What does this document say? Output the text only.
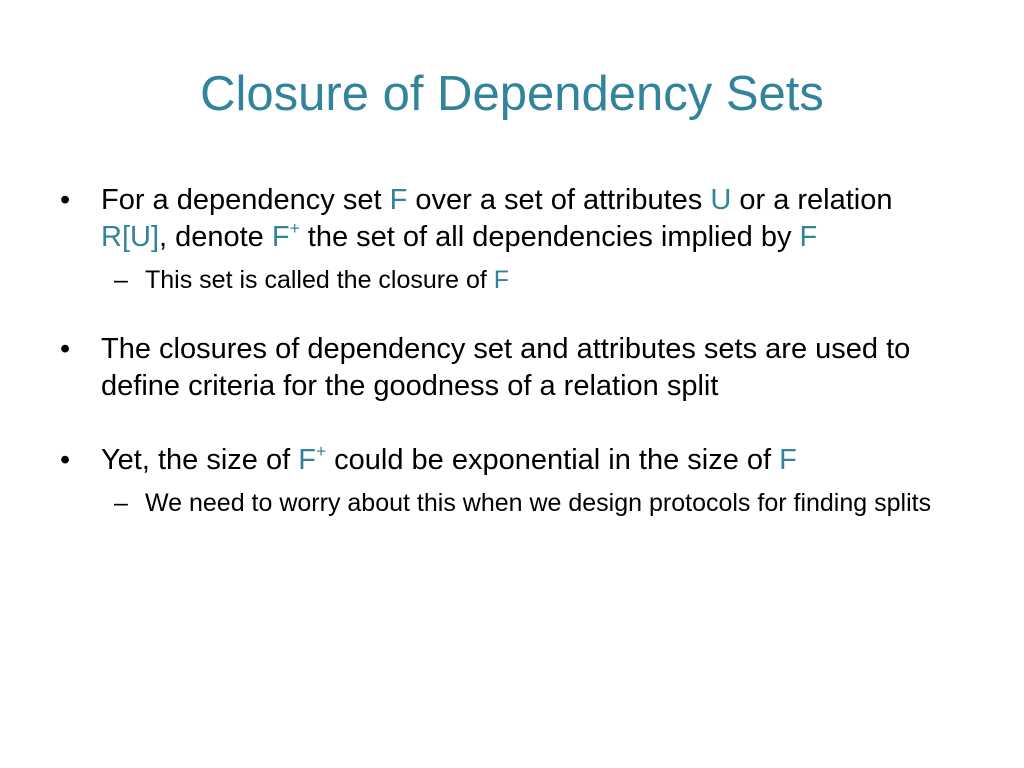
Closure of Dependency Sets
•	For a dependency set F over a set of attributes U or a relation R[U], denote F+ the set of all dependencies implied by F
– This set is called the closure of F
•	The closures of dependency set and attributes sets are used to define criteria for the goodness of a relation split
•	Yet, the size of F+ could be exponential in the size of F
– We need to worry about this when we design protocols for finding splits
